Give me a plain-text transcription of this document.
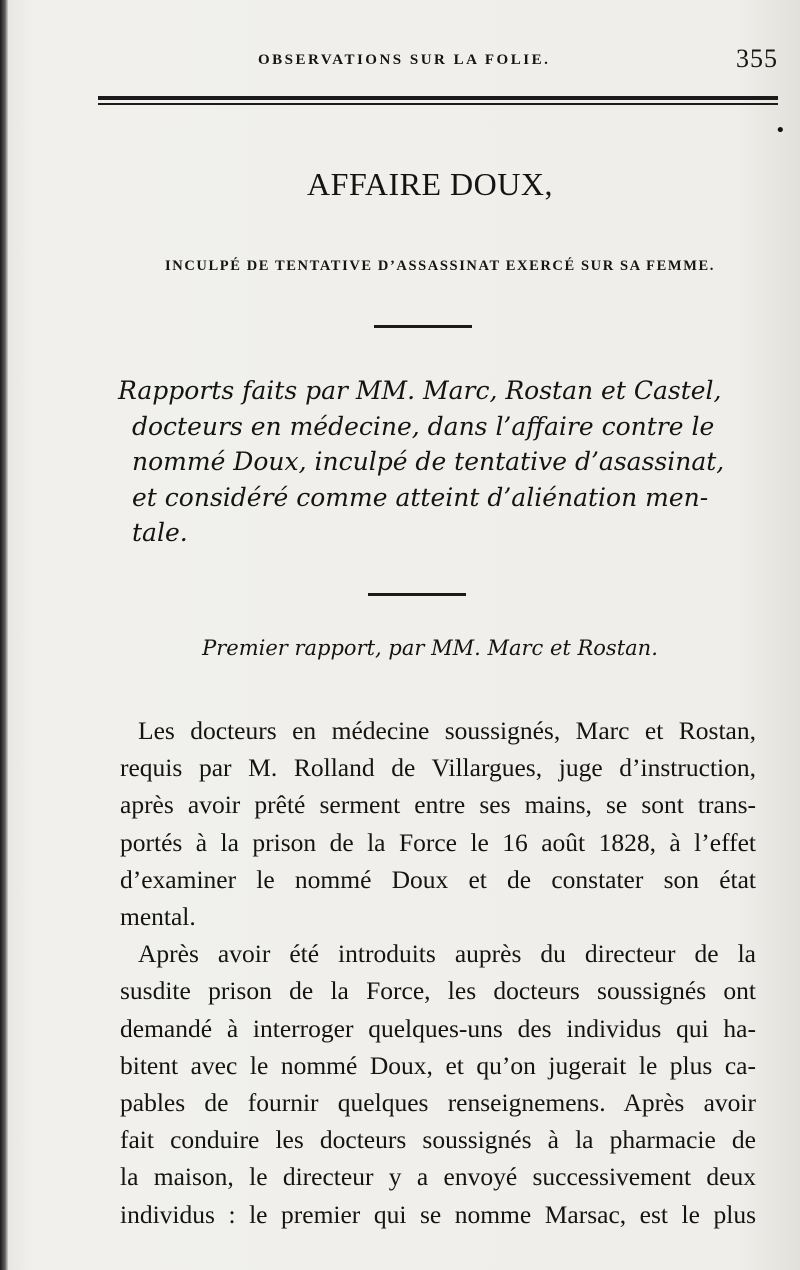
OBSERVATIONS SUR LA FOLIE.	355
•
AFFAIRE DOUX,
INCULPÉ DE TENTATIVE D’ASSASSINAT EXERCÉ SUR SA FEMME.
Rapports faits par MM. Marc, Rostan et Castel,
docteurs en médecine, dans l’affaire contre le
nommé Doux, inculpé de tentative d’asassinat,
et considéré comme atteint d’aliénation men-
tale.
Premier rapport, par MM. Marc et Rostan.
Les docteurs en médecine soussignés, Marc et Rostan,
requis par M. Rolland de Villargues, juge d’instruction,
après avoir prêté serment entre ses mains, se sont trans-
portés à la prison de la Force le 16 août 1828, à l’effet
d’examiner le nommé Doux et de constater son état
mental.
Après avoir été introduits auprès du directeur de la
susdite prison de la Force, les docteurs soussignés ont
demandé à interroger quelques-uns des individus qui ha-
bitent avec le nommé Doux, et qu’on jugerait le plus ca-
pables de fournir quelques renseignemens. Après avoir
fait conduire les docteurs soussignés à la pharmacie de
la maison, le directeur y a envoyé successivement deux
individus : le premier qui se nomme Marsac, est le plus
